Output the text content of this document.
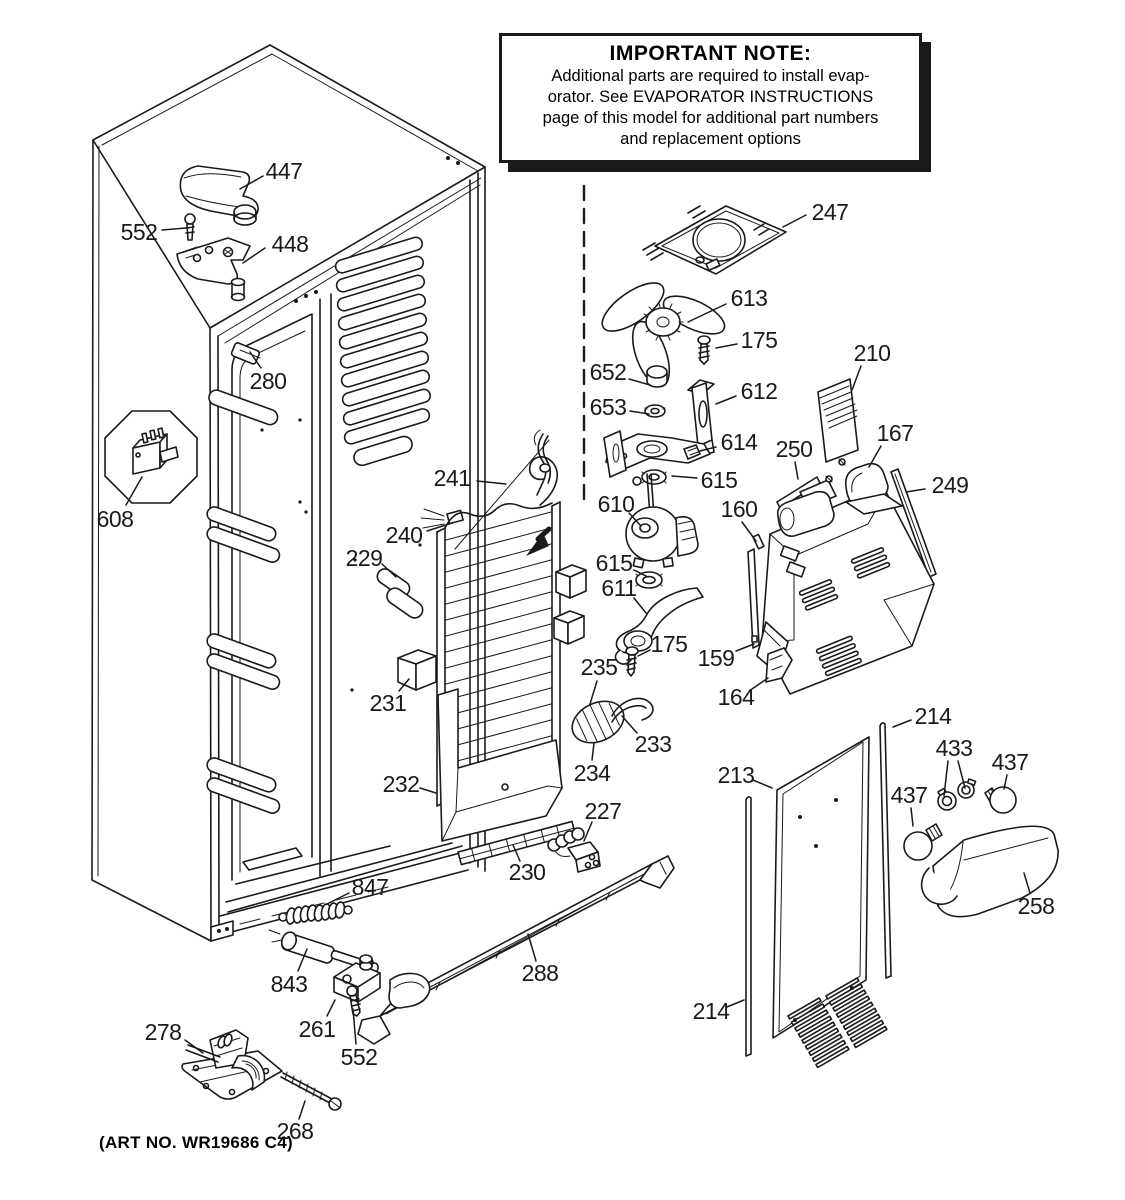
447
552	448
280
608
247
613
175
652
653
612
614
615
610
615
611
175
235
233
234
227
230
288
241
240
229
231
232
210
167
250
249
160
159
164
213
214
433
437
437
258
214
847
843
261
552
278
268
IMPORTANT NOTE:
Additional parts are required to install evap-
orator. See EVAPORATOR INSTRUCTIONS
page of this model for additional part numbers
and replacement options
(ART NO. WR19686 C4)
